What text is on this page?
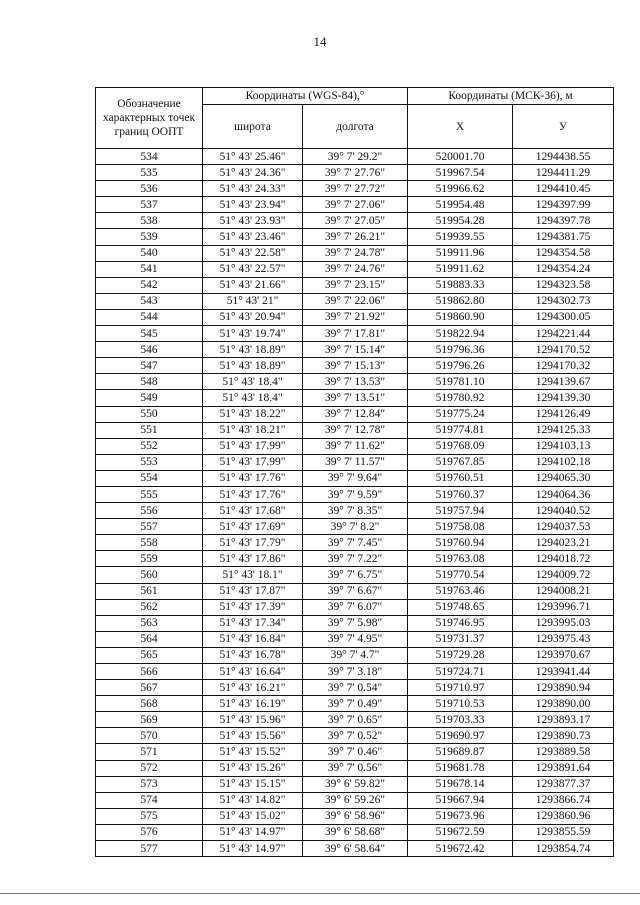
14
Обозначение характерных точек границ ООПТ	Координаты (WGS-84),°		Координаты (МСК-36), м	
	широта	долгота	X	У
534	51° 43' 25.46"	39° 7' 29.2"	520001.70	1294438.55
535	51° 43' 24.36"	39° 7' 27.76"	519967.54	1294411.29
536	51° 43' 24.33"	39° 7' 27.72"	519966.62	1294410.45
537	51° 43' 23.94"	39° 7' 27.06"	519954.48	1294397.99
538	51° 43' 23.93"	39° 7' 27.05"	519954.28	1294397.78
539	51° 43' 23.46"	39° 7' 26.21"	519939.55	1294381.75
540	51° 43' 22.58"	39° 7' 24.78"	519911.96	1294354.58
541	51° 43' 22.57"	39° 7' 24.76"	519911.62	1294354.24
542	51° 43' 21.66"	39° 7' 23.15"	519883.33	1294323.58
543	51° 43' 21"	39° 7' 22.06"	519862.80	1294302.73
544	51° 43' 20.94"	39° 7' 21.92"	519860.90	1294300.05
545	51° 43' 19.74"	39° 7' 17.81"	519822.94	1294221.44
546	51° 43' 18.89"	39° 7' 15.14"	519796.36	1294170.52
547	51° 43' 18.89"	39° 7' 15.13"	519796.26	1294170.32
548	51° 43' 18.4"	39° 7' 13.53"	519781.10	1294139.67
549	51° 43' 18.4"	39° 7' 13.51"	519780.92	1294139.30
550	51° 43' 18.22"	39° 7' 12.84"	519775.24	1294126.49
551	51° 43' 18.21"	39° 7' 12.78"	519774.81	1294125.33
552	51° 43' 17.99"	39° 7' 11.62"	519768.09	1294103.13
553	51° 43' 17.99"	39° 7' 11.57"	519767.85	1294102.18
554	51° 43' 17.76"	39° 7' 9.64"	519760.51	1294065.30
555	51° 43' 17.76"	39° 7' 9.59"	519760.37	1294064.36
556	51° 43' 17.68"	39° 7' 8.35"	519757.94	1294040.52
557	51° 43' 17.69"	39° 7' 8.2"	519758.08	1294037.53
558	51° 43' 17.79"	39° 7' 7.45"	519760.94	1294023.21
559	51° 43' 17.86"	39° 7' 7.22"	519763.08	1294018.72
560	51° 43' 18.1"	39° 7' 6.75"	519770.54	1294009.72
561	51° 43' 17.87"	39° 7' 6.67"	519763.46	1294008.21
562	51° 43' 17.39"	39° 7' 6.07"	519748.65	1293996.71
563	51° 43' 17.34"	39° 7' 5.98"	519746.95	1293995.03
564	51° 43' 16.84"	39° 7' 4.95"	519731.37	1293975.43
565	51° 43' 16.78"	39° 7' 4.7"	519729.28	1293970.67
566	51° 43' 16.64"	39° 7' 3.18"	519724.71	1293941.44
567	51° 43' 16.21"	39° 7' 0.54"	519710.97	1293890.94
568	51° 43' 16.19"	39° 7' 0.49"	519710.53	1293890.00
569	51° 43' 15.96"	39° 7' 0.65"	519703.33	1293893.17
570	51° 43' 15.56"	39° 7' 0.52"	519690.97	1293890.73
571	51° 43' 15.52"	39° 7' 0.46"	519689.87	1293889.58
572	51° 43' 15.26"	39° 7' 0.56"	519681.78	1293891.64
573	51° 43' 15.15"	39° 6' 59.82"	519678.14	1293877.37
574	51° 43' 14.82"	39° 6' 59.26"	519667.94	1293866.74
575	51° 43' 15.02"	39° 6' 58.96"	519673.96	1293860.96
576	51° 43' 14.97"	39° 6' 58.68"	519672.59	1293855.59
577	51° 43' 14.97"	39° 6' 58.64"	519672.42	1293854.74
